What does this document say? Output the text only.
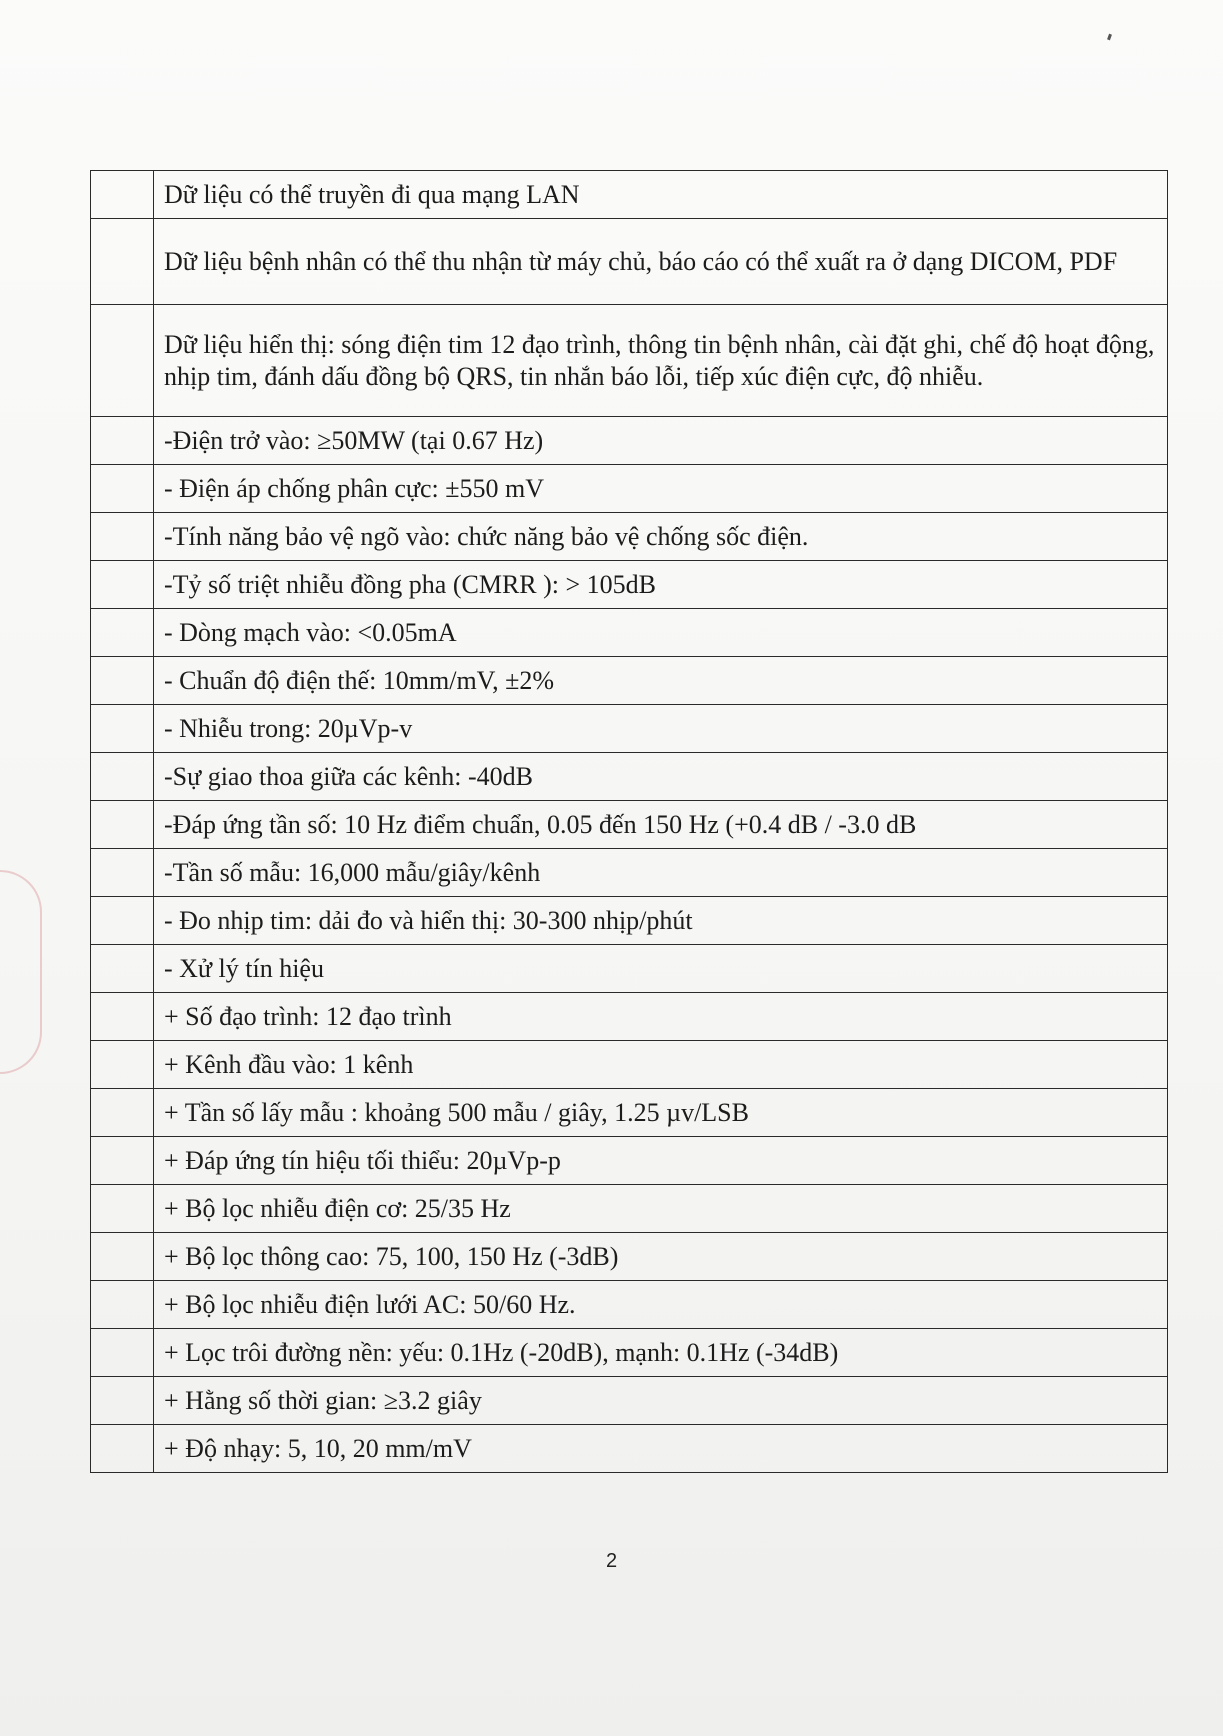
	Dữ liệu có thể truyền đi qua mạng LAN
	Dữ liệu bệnh nhân có thể thu nhận từ máy chủ, báo cáo có thể xuất ra ở dạng DICOM, PDF
	Dữ liệu hiển thị: sóng điện tim 12 đạo trình, thông tin bệnh nhân, cài đặt ghi, chế độ hoạt động, nhịp tim, đánh dấu đồng bộ QRS, tin nhắn báo lỗi, tiếp xúc điện cực, độ nhiễu.
	-Điện trở vào: ≥50MW (tại 0.67 Hz)
	- Điện áp chống phân cực: ±550 mV
	-Tính năng bảo vệ ngõ vào: chức năng bảo vệ chống sốc điện.
	-Tỷ số triệt nhiễu đồng pha (CMRR ): > 105dB
	- Dòng mạch vào: <0.05mA
	- Chuẩn độ điện thế: 10mm/mV, ±2%
	- Nhiễu trong: 20µVp-v
	-Sự giao thoa giữa các kênh: -40dB
	-Đáp ứng tần số: 10 Hz điểm chuẩn, 0.05 đến 150 Hz (+0.4 dB / -3.0 dB
	-Tần số mẫu: 16,000 mẫu/giây/kênh
	- Đo nhịp tim: dải đo và hiển thị: 30-300 nhịp/phút
	- Xử lý tín hiệu
	+ Số đạo trình: 12 đạo trình
	+ Kênh đầu vào: 1 kênh
	+ Tần số lấy mẫu : khoảng 500 mẫu / giây, 1.25 µv/LSB
	+ Đáp ứng tín hiệu tối thiểu: 20µVp-p
	+ Bộ lọc nhiễu điện cơ: 25/35 Hz
	+ Bộ lọc thông cao: 75, 100, 150 Hz (-3dB)
	+ Bộ lọc nhiễu điện lưới AC: 50/60 Hz.
	+ Lọc trôi đường nền: yếu: 0.1Hz (-20dB), mạnh: 0.1Hz (-34dB)
	+ Hằng số thời gian: ≥3.2 giây
	+ Độ nhạy: 5, 10, 20 mm/mV
2
